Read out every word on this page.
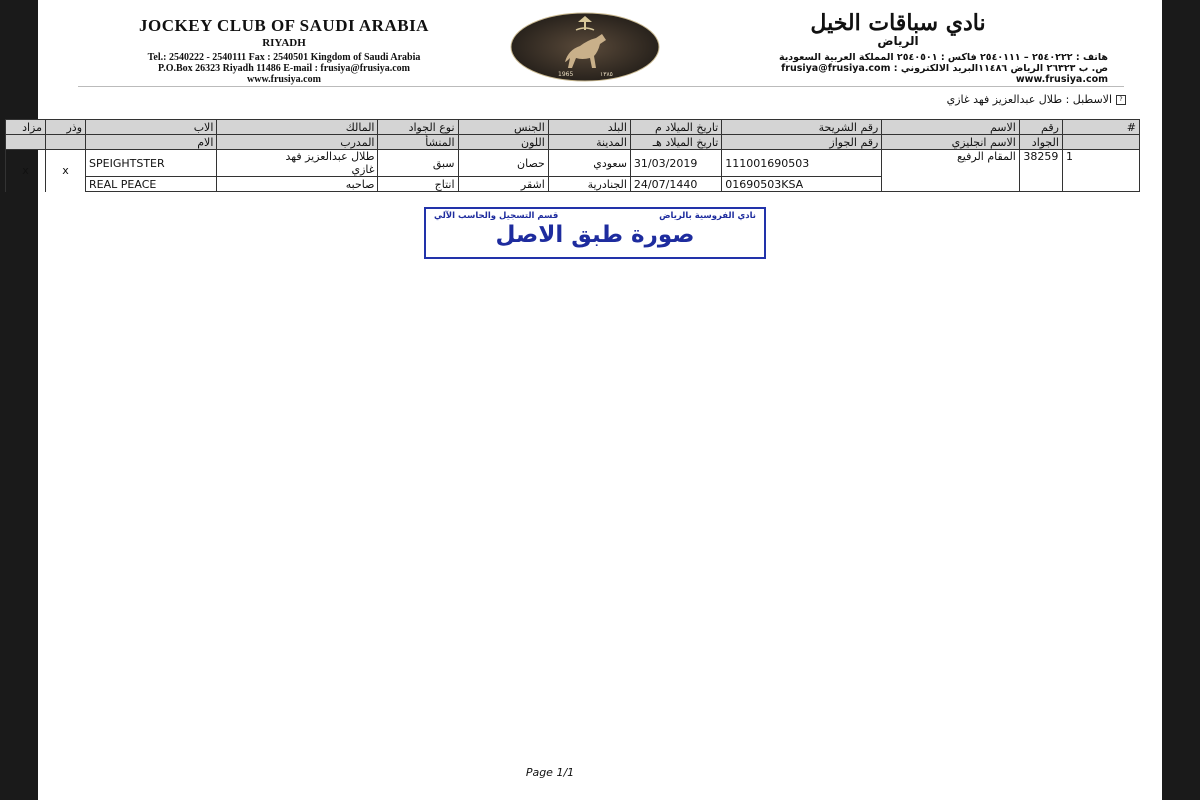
JOCKEY CLUB OF SAUDI ARABIA
RIYADH
Tel.: 2540222 - 2540111 Fax : 2540501 Kingdom of Saudi Arabia
P.O.Box 26323 Riyadh 11486 E-mail : frusiya@frusiya.com
www.frusiya.com	1965	١٣٨٥
نادي سباقات الخيل
الرياض
هاتف : ٢٥٤٠٢٢٢ – ٢٥٤٠١١١ فاكس : ٢٥٤٠٥٠١ المملكة العربية السعودية
ص. ب ٢٦٣٢٣ الرياض ١١٤٨٦البريد الالكتروني : frusiya@frusiya.com
www.frusiya.com
?
الاسطبل : طلال عبدالعزيز فهد غازي
مزاد	وذر	الاب	المالك	نوع الجواد	الجنس	البلد	تاريخ الميلاد م	رقم الشريحة	الاسم	رقم	#
		الام	المدرب	المنشأ	اللون	المدينة	تاريخ الميلاد هـ	رقم الجواز	الاسم انجليزي	الجواد	
x	x	SPEIGHTSTER	طلال عبدالعزيز فهد
غازي	سبق	حصان	سعودي	31/03/2019	111001690503	المقام الرفيع	38259	1
		REAL PEACE	صاحبه	انتاج	اشقر	الجنادرية	24/07/1440	01690503KSA			
نادي الفروسية بالرياض
قسم التسجيل والحاسب الآلي
صورة طبق الاصل
Page 1/1
